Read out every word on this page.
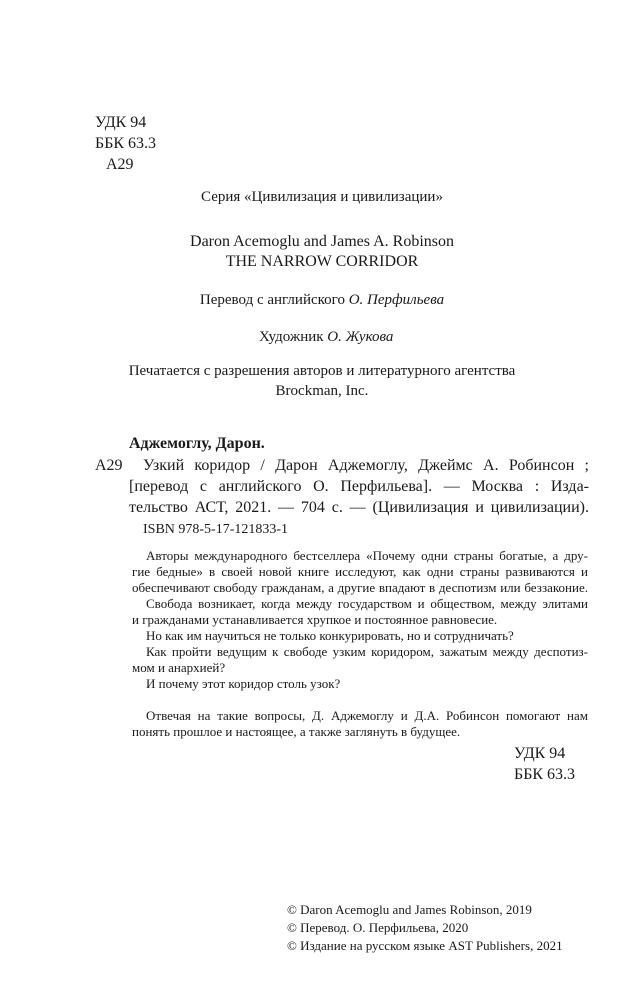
УДК 94
ББК 63.3
А29
Серия «Цивилизация и цивилизации»
Daron Acemoglu and James A. Robinson
THE NARROW CORRIDOR
Перевод с английского О. Перфильева
Художник О. Жукова
Печатается с разрешения авторов и литературного агентства
Brockman, Inc.
Аджемоглу, Дарон.
А29 Узкий коридор / Дарон Аджемоглу, Джеймс А. Робинсон ;
[перевод с английского О. Перфильева]. — Москва : Изда-
тельство АСТ, 2021. — 704 с. — (Цивилизация и цивилизации).
ISBN 978-5-17-121833-1
Авторы международного бестселлера «Почему одни страны богатые, а дру-
гие бедные» в своей новой книге исследуют, как одни страны развиваются и
обеспечивают свободу гражданам, а другие впадают в деспотизм или беззаконие.
Свобода возникает, когда между государством и обществом, между элитами
и гражданами устанавливается хрупкое и постоянное равновесие.
Но как им научиться не только конкурировать, но и сотрудничать?
Как пройти ведущим к свободе узким коридором, зажатым между деспотиз-
мом и анархией?
И почему этот коридор столь узок?
Отвечая на такие вопросы, Д. Аджемоглу и Д.А. Робинсон помогают нам
понять прошлое и настоящее, а также заглянуть в будущее.
УДК 94
ББК 63.3
© Daron Acemoglu and James Robinson, 2019
© Перевод. О. Перфильева, 2020
© Издание на русском языке AST Publishers, 2021
